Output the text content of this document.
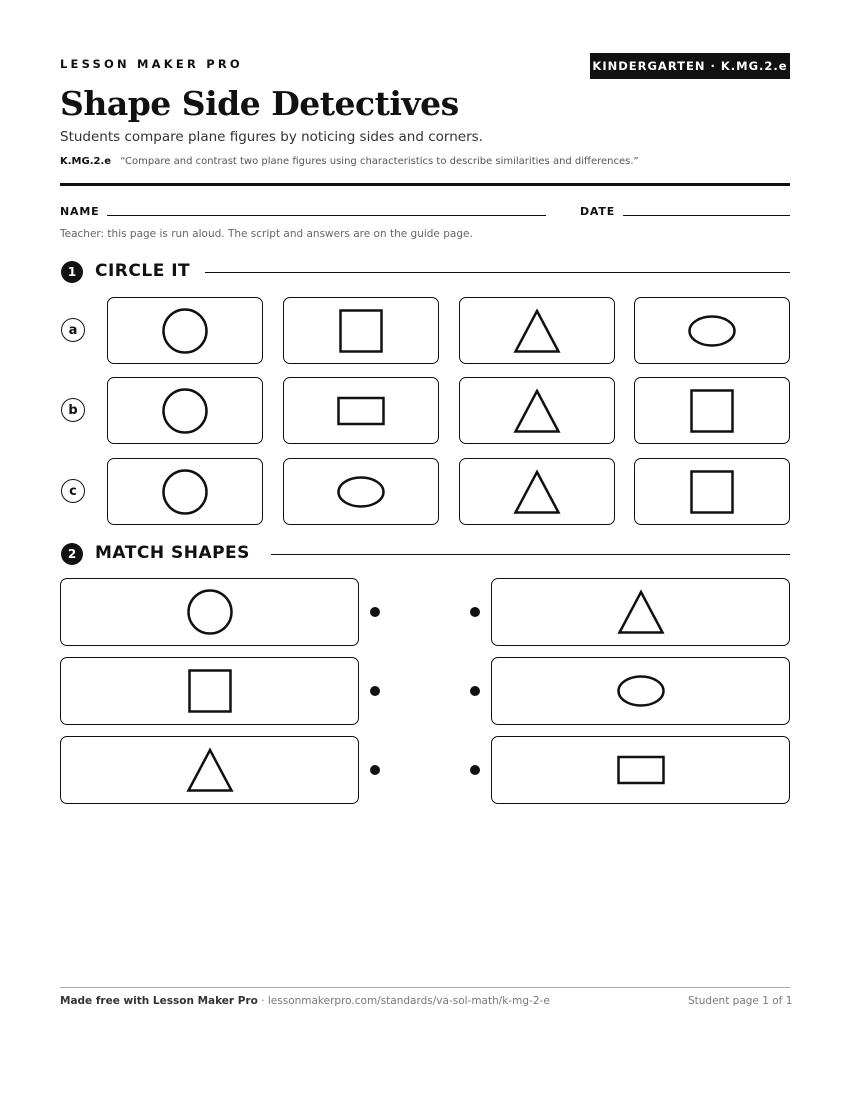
LESSON MAKER PRO	KINDERGARTEN · K.MG.2.e
Shape Side Detectives
Students compare plane figures by noticing sides and corners.
K.MG.2.e “Compare and contrast two plane figures using characteristics to describe similarities and differences.”
NAME	DATE
Teacher: this page is run aloud. The script and answers are on the guide page.
1	CIRCLE IT
a
b
c
2	MATCH SHAPES
Made free with Lesson Maker Pro · lessonmakerpro.com/standards/va-sol-math/k-mg-2-e	Student page 1 of 1
